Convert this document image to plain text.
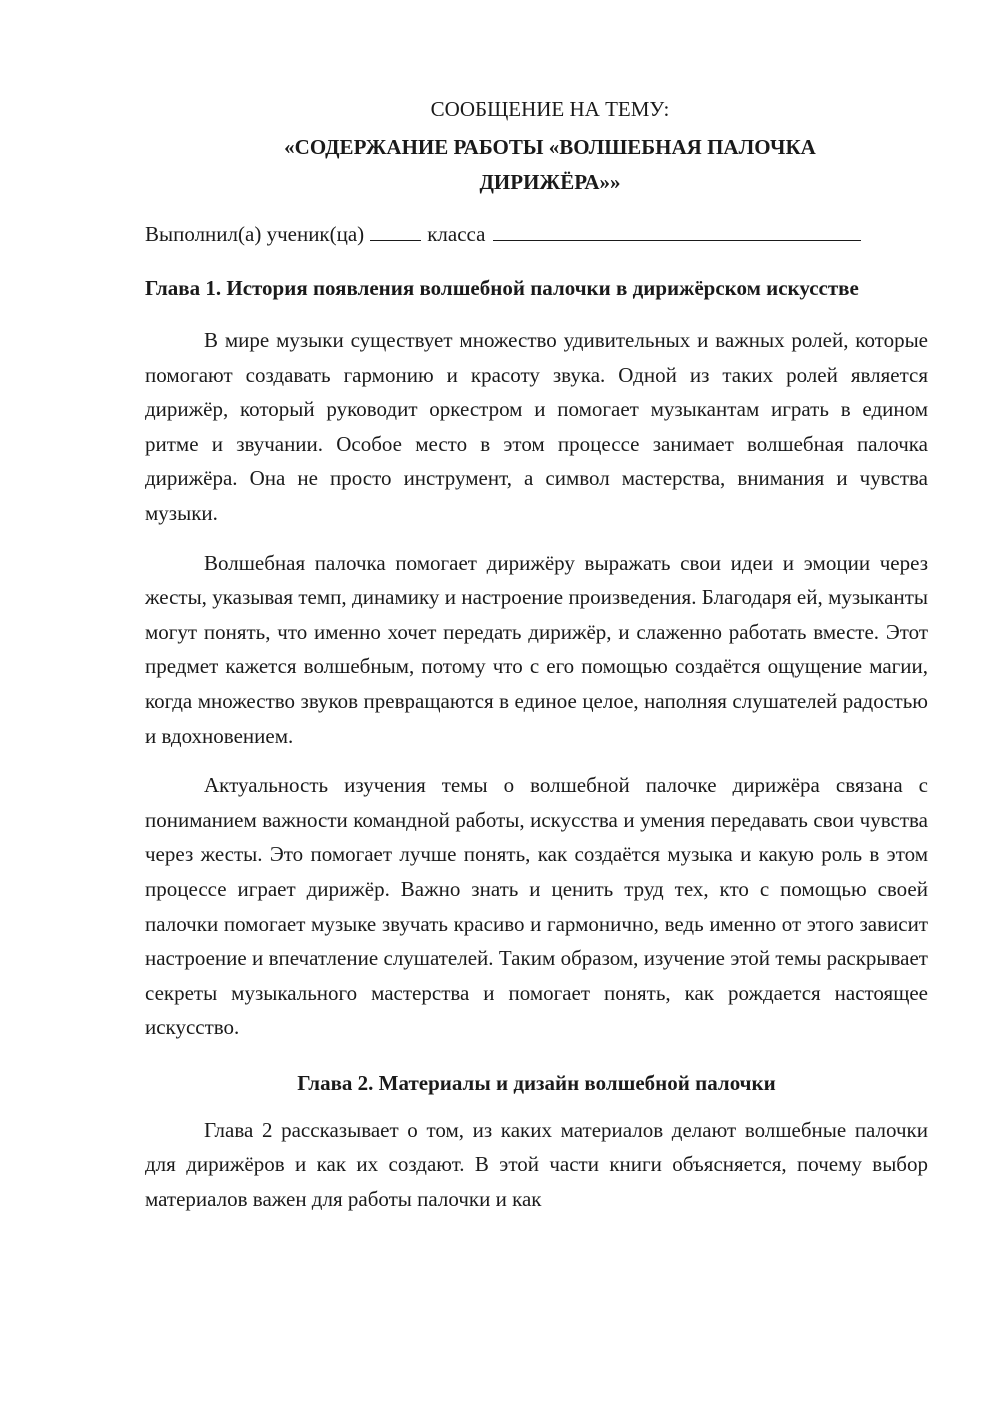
СООБЩЕНИЕ НА ТЕМУ:
«СОДЕРЖАНИЕ РАБОТЫ «ВОЛШЕБНАЯ ПАЛОЧКА
ДИРИЖЁРА»»
Выполнил(а) ученик(ца)	класса
Глава 1. История появления волшебной палочки в дирижёрском искусстве

В мире музыки существует множество удивительных и важных ролей, которые помогают создавать гармонию и красоту звука. Одной из таких ролей является дирижёр, который руководит оркестром и помогает музыкантам играть в едином ритме и звучании. Особое место в этом процессе занимает волшебная палочка дирижёра. Она не просто инструмент, а символ мастерства, внимания и чувства музыки.

Волшебная палочка помогает дирижёру выражать свои идеи и эмоции через жесты, указывая темп, динамику и настроение произведения. Благодаря ей, музыканты могут понять, что именно хочет передать дирижёр, и слаженно работать вместе. Этот предмет кажется волшебным, потому что с его помощью создаётся ощущение магии, когда множество звуков превращаются в единое целое, наполняя слушателей радостью и вдохновением.

Актуальность изучения темы о волшебной палочке дирижёра связана с пониманием важности командной работы, искусства и умения передавать свои чувства через жесты. Это помогает лучше понять, как создаётся музыка и какую роль в этом процессе играет дирижёр. Важно знать и ценить труд тех, кто с помощью своей палочки помогает музыке звучать красиво и гармонично, ведь именно от этого зависит настроение и впечатление слушателей. Таким образом, изучение этой темы раскрывает секреты музыкального мастерства и помогает понять, как рождается настоящее искусство.

Глава 2. Материалы и дизайн волшебной палочки

Глава 2 рассказывает о том, из каких материалов делают волшебные палочки для дирижёров и как их создают. В этой части книги объясняется, почему выбор материалов важен для работы палочки и как
